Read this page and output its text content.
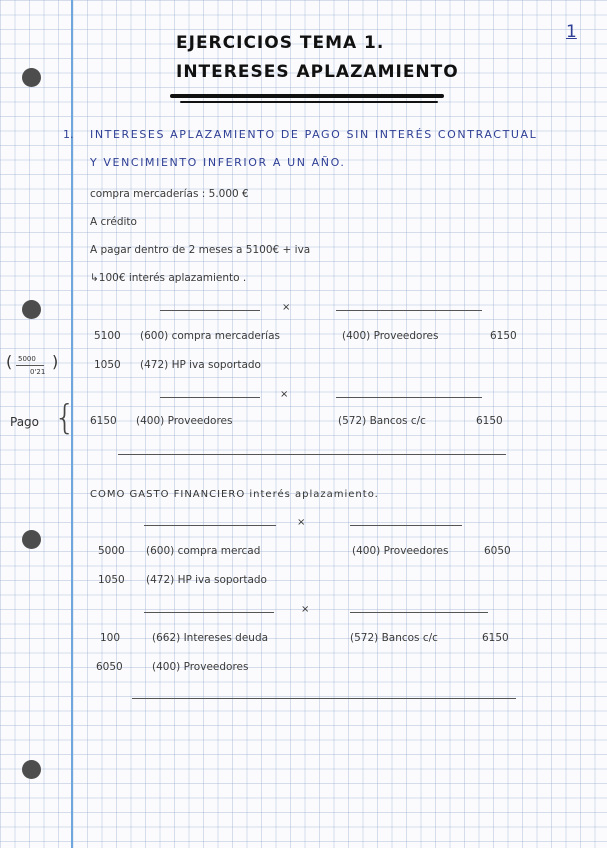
1
EJERCICIOS TEMA 1.
INTERESES APLAZAMIENTO
1. INTERESES APLAZAMIENTO DE PAGO SIN INTERÉS CONTRACTUAL
Y VENCIMIENTO INFERIOR A UN AÑO.
compra mercaderías : 5.000 €
A crédito
A pagar dentro de 2 meses a 5100€ + iva
↳100€ interés aplazamiento .
×
5100 (600) compra mercaderías	(400) Proveedores	6150
1050 (472) HP iva soportado
( 5000
0'21
)
×
Pago { 6150 (400) Proveedores	(572) Bancos c/c	6150
COMO GASTO FINANCIERO interés aplazamiento.
×
5000 (600) compra mercad	(400) Proveedores	6050
1050 (472) HP iva soportado
×
100	(662) Intereses deuda	(572) Bancos c/c	6150
6050	(400) Proveedores
